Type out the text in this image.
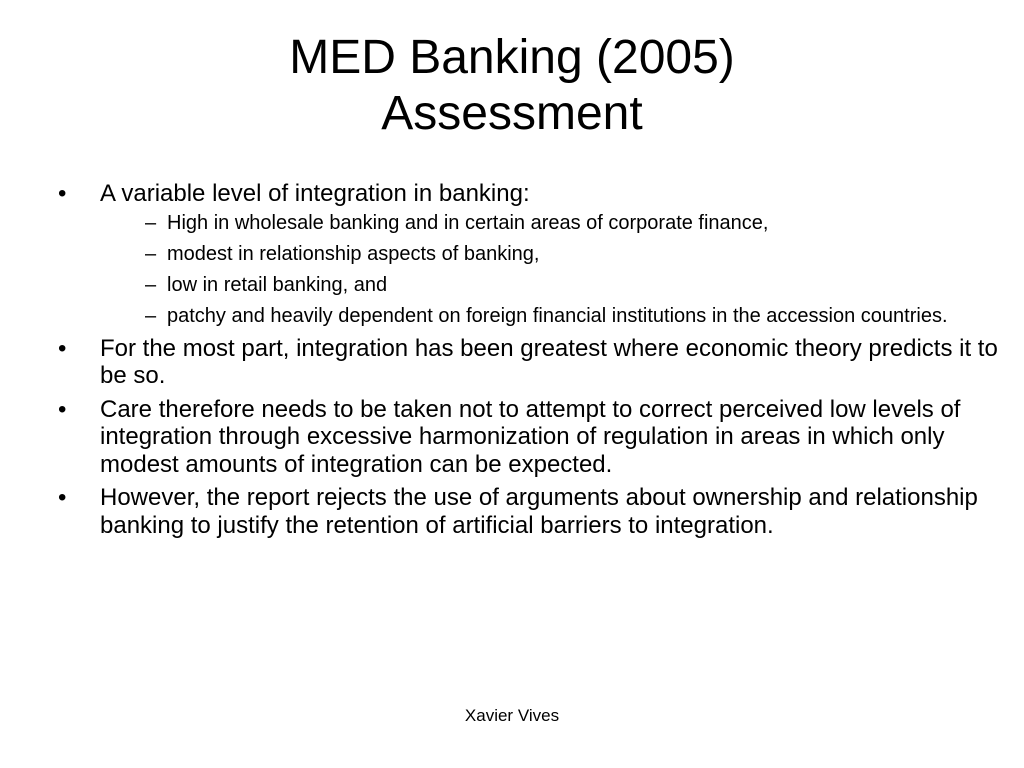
MED Banking (2005)
Assessment
• A variable level of integration in banking:
– High in wholesale banking and in certain areas of corporate finance,
– modest in relationship aspects of banking,
– low in retail banking, and
– patchy and heavily dependent on foreign financial institutions in the accession countries.
• For the most part, integration has been greatest where economic theory predicts it to be so.
• Care therefore needs to be taken not to attempt to correct perceived low levels of integration through excessive harmonization of regulation in areas in which only modest amounts of integration can be expected.
• However, the report rejects the use of arguments about ownership and relationship banking to justify the retention of artificial barriers to integration.
Xavier Vives
